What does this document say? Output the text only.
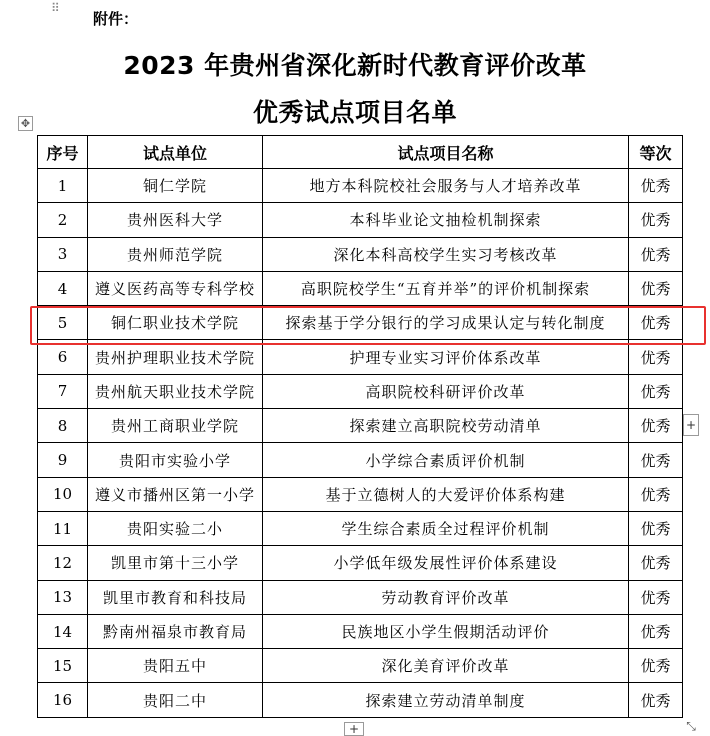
⠿
附件：
2023 年贵州省深化新时代教育评价改革
优秀试点项目名单
✥
序号	试点单位	试点项目名称	等次
1	铜仁学院	地方本科院校社会服务与人才培养改革	优秀
2	贵州医科大学	本科毕业论文抽检机制探索	优秀
3	贵州师范学院	深化本科高校学生实习考核改革	优秀
4	遵义医药高等专科学校	高职院校学生“五育并举”的评价机制探索	优秀
5	铜仁职业技术学院	探索基于学分银行的学习成果认定与转化制度	优秀
6	贵州护理职业技术学院	护理专业实习评价体系改革	优秀
7	贵州航天职业技术学院	高职院校科研评价改革	优秀
8	贵州工商职业学院	探索建立高职院校劳动清单	优秀
9	贵阳市实验小学	小学综合素质评价机制	优秀
10	遵义市播州区第一小学	基于立德树人的大爱评价体系构建	优秀
11	贵阳实验二小	学生综合素质全过程评价机制	优秀
12	凯里市第十三小学	小学低年级发展性评价体系建设	优秀
13	凯里市教育和科技局	劳动教育评价改革	优秀
14	黔南州福泉市教育局	民族地区小学生假期活动评价	优秀
15	贵阳五中	深化美育评价改革	优秀
16	贵阳二中	探索建立劳动清单制度	优秀
+
+	⤡
